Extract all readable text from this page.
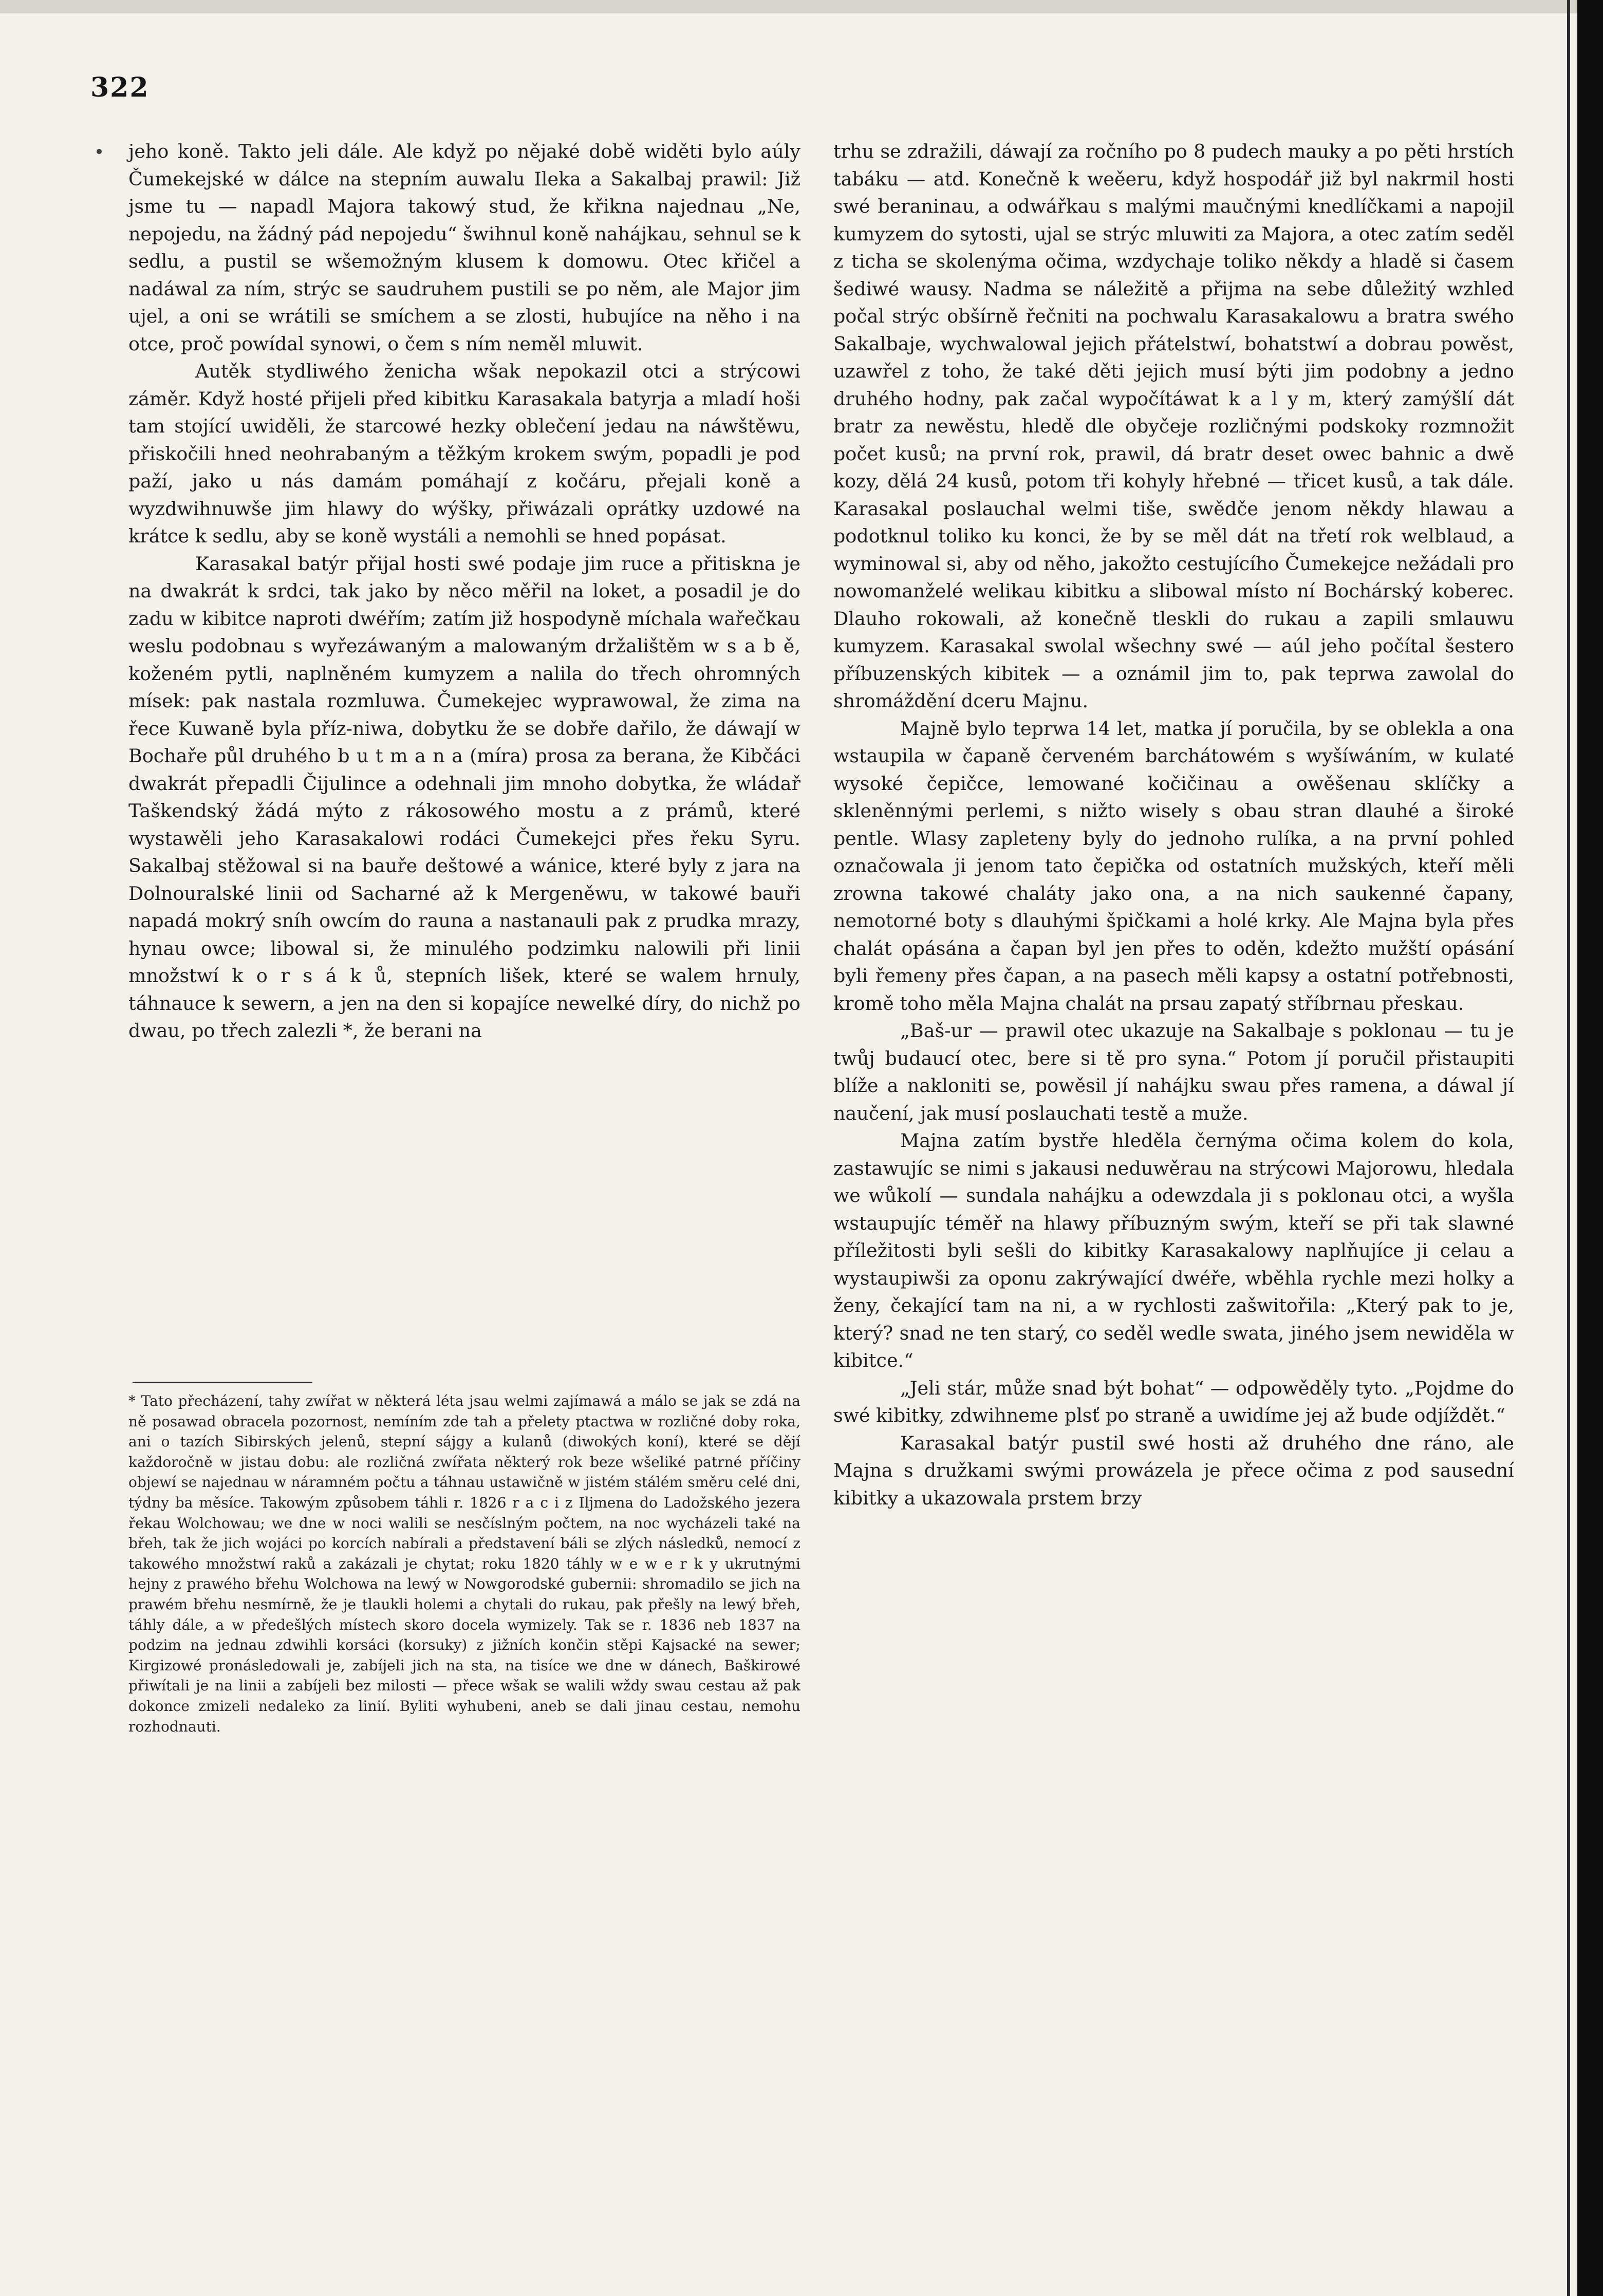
322

jeho koně. Takto jeli dále. Ale když po nějaké době widěti bylo aúly Čumekejské w dálce na stepním auwalu Ileka a Sakalbaj prawil: Již jsme tu — napadl Majora takowý stud, že křikna najednau „Ne, nepojedu, na žádný pád nepojedu“ šwihnul koně nahájkau, sehnul se k sedlu, a pustil se wšemožným klusem k domowu. Otec křičel a nadáwal za ním, strýc se saudruhem pustili se po něm, ale Major jim ujel, a oni se wrátili se smíchem a se zlosti, hubujíce na něho i na otce, proč powídal synowi, o čem s ním neměl mluwit.

Autěk stydliwého ženicha wšak nepokazil otci a strýcowi záměr. Když hosté přijeli před kibitku Karasakala batyrja a mladí hoši tam stojící uwiděli, že starcowé hezky oblečení jedau na náwštěwu, přiskočili hned neohrabaným a těžkým krokem swým, popadli je pod paží, jako u nás damám pomáhají z kočáru, přejali koně a wyzdwihnuwše jim hlawy do wýšky, přiwázali oprátky uzdowé na krátce k sedlu, aby se koně wystáli a nemohli se hned popásat.

Karasakal batýr přijal hosti swé podaje jim ruce a přitiskna je na dwakrát k srdci, tak jako by něco měřil na loket, a posadil je do zadu w kibitce naproti dwéřím; zatím již hospodyně míchala wařečkau weslu podobnau s wyřezáwaným a malowaným držalištěm w s a b ě, koženém pytli, naplněném kumyzem a nalila do třech ohromných mísek: pak nastala rozmluwa. Čumekejec wyprawowal, že zima na řece Kuwaně byla příz-niwa, dobytku že se dobře dařilo, že dáwají w Bochaře půl druhého b u t m a n a (míra) prosa za berana, že Kibčáci dwakrát přepadli Čijulince a odehnali jim mnoho dobytka, že wládař Taškendský žádá mýto z rákosowého mostu a z prámů, které wystawěli jeho Karasakalowi rodáci Čumekejci přes řeku Syru. Sakalbaj stěžowal si na bauře deštowé a wánice, které byly z jara na Dolnouralské linii od Sacharné až k Mergeněwu, w takowé bauři napadá mokrý sníh owcím do rauna a nastanauli pak z prudka mrazy, hynau owce; libowal si, že minulého podzimku nalowili při linii množstwí k o r s á k ů, stepních lišek, které se walem hrnuly, táhnauce k sewern, a jen na den si kopajíce newelké díry, do nichž po dwau, po třech zalezli *, že berani na

* Tato přecházení, tahy zwířat w některá léta jsau welmi zajímawá a málo se jak se zdá na ně posawad obracela pozornost, nemíním zde tah a přelety ptactwa w rozličné doby roka, ani o tazích Sibirských jelenů, stepní sájgy a kulanů (diwokých koní), které se dějí každoročně w jistau dobu: ale rozličná zwířata některý rok beze wšeliké patrné příčiny objewí se najednau w náramném počtu a táhnau ustawičně w jistém stálém směru celé dni, týdny ba měsíce. Takowým způsobem táhli r. 1826 r a c i z Iljmena do Ladožského jezera řekau Wolchowau; we dne w noci walili se nesčíslným počtem, na noc wycházeli také na břeh, tak že jich wojáci po korcích nabírali a představení báli se zlých následků, nemocí z takowého množstwí raků a zakázali je chytat; roku 1820 táhly w e w e r k y ukrutnými hejny z prawého břehu Wolchowa na lewý w Nowgorodské gubernii: shromadilo se jich na prawém břehu nesmírně, že je tlaukli holemi a chytali do rukau, pak přešly na lewý břeh, táhly dále, a w předešlých místech skoro docela wymizely. Tak se r. 1836 neb 1837 na podzim na jednau zdwihli korsáci (korsuky) z jižních končin stěpi Kajsacké na sewer; Kirgizowé pronásledowali je, zabíjeli jich na sta, na tisíce we dne w dánech, Baškirowé přiwítali je na linii a zabíjeli bez milosti — přece wšak se walili wždy swau cestau až pak dokonce zmizeli nedaleko za linií. Byliti wyhubeni, aneb se dali jinau cestau, nemohu rozhodnauti.

trhu se zdražili, dáwají za ročního po 8 pudech mauky a po pěti hrstích tabáku — atd. Konečně k weěeru, když hospodář již byl nakrmil hosti swé beraninau, a odwářkau s malými maučnými knedlíčkami a napojil kumyzem do sytosti, ujal se strýc mluwiti za Majora, a otec zatím seděl z ticha se skolenýma očima, wzdychaje toliko někdy a hladě si časem šediwé wausy. Nadma se náležitě a přijma na sebe důležitý wzhled počal strýc obšírně řečniti na pochwalu Karasakalowu a bratra swého Sakalbaje, wychwalowal jejich přátelstwí, bohatstwí a dobrau powěst, uzawřel z toho, že také děti jejich musí býti jim podobny a jedno druhého hodny, pak začal wypočítáwat k a l y m, který zamýšlí dát bratr za newěstu, hledě dle obyčeje rozličnými podskoky rozmnožit počet kusů; na první rok, prawil, dá bratr deset owec bahnic a dwě kozy, dělá 24 kusů, potom tři kohyly hřebné — třicet kusů, a tak dále. Karasakal poslauchal welmi tiše, swědče jenom někdy hlawau a podotknul toliko ku konci, že by se měl dát na třetí rok welblaud, a wyminowal si, aby od něho, jakožto cestujícího Čumekejce nežádali pro nowomanželé welikau kibitku a slibowal místo ní Bochárský koberec. Dlauho rokowali, až konečně tleskli do rukau a zapili smlauwu kumyzem. Karasakal swolal wšechny swé — aúl jeho počítal šestero příbuzenských kibitek — a oznámil jim to, pak teprwa zawolal do shromáždění dceru Majnu.

Majně bylo teprwa 14 let, matka jí poručila, by se oblekla a ona wstaupila w čapaně červeném barchátowém s wyšíwáním, w kulaté wysoké čepičce, lemowané kočičinau a owěšenau sklíčky a skleněnnými perlemi, s nižto wisely s obau stran dlauhé a široké pentle. Wlasy zapleteny byly do jednoho rulíka, a na první pohled označowala ji jenom tato čepička od ostatních mužských, kteří měli zrowna takowé chaláty jako ona, a na nich saukenné čapany, nemotorné boty s dlauhými špičkami a holé krky. Ale Majna byla přes chalát opásána a čapan byl jen přes to oděn, kdežto mužští opásání byli řemeny přes čapan, a na pasech měli kapsy a ostatní potřebnosti, kromě toho měla Majna chalát na prsau zapatý stříbrnau přeskau.

„Baš-ur — prawil otec ukazuje na Sakalbaje s poklonau — tu je twůj budaucí otec, bere si tě pro syna.“ Potom jí poručil přistaupiti blíže a nakloniti se, powěsil jí nahájku swau přes ramena, a dáwal jí naučení, jak musí poslauchati testě a muže.

Majna zatím bystře hleděla černýma očima kolem do kola, zastawujíc se nimi s jakausi neduwěrau na strýcowi Majorowu, hledala we wůkolí — sundala nahájku a odewzdala ji s poklonau otci, a wyšla wstaupujíc téměř na hlawy příbuzným swým, kteří se při tak slawné příležitosti byli sešli do kibitky Karasakalowy naplňujíce ji celau a wystaupiwši za oponu zakrýwající dwéře, wběhla rychle mezi holky a ženy, čekající tam na ni, a w rychlosti zašwitořila: „Který pak to je, který? snad ne ten starý, co seděl wedle swata, jiného jsem newiděla w kibitce.“

„Jeli stár, může snad být bohat“ — odpowěděly tyto. „Pojdme do swé kibitky, zdwihneme plsť po straně a uwidíme jej až bude odjíždět.“

Karasakal batýr pustil swé hosti až druhého dne ráno, ale Majna s družkami swými prowázela je přece očima z pod sausední kibitky a ukazowala prstem brzy
